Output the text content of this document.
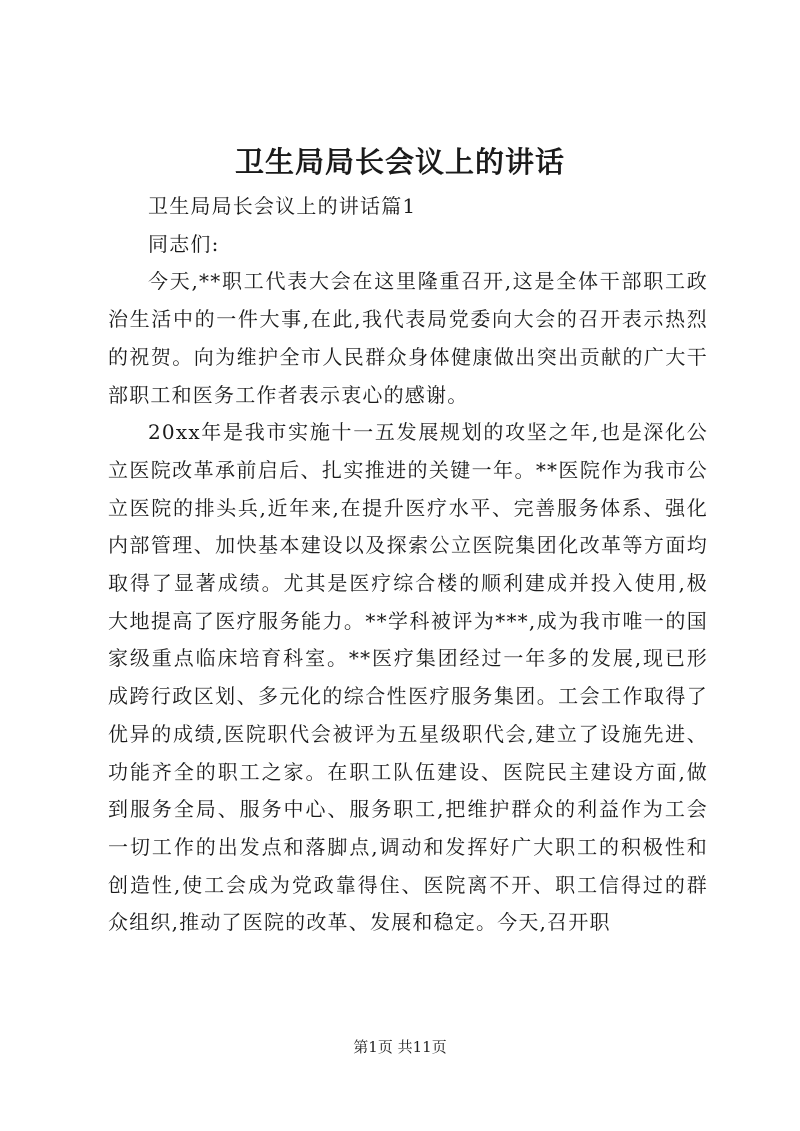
卫生局局长会议上的讲话

卫生局局长会议上的讲话篇1

同志们:

今天,**职工代表大会在这里隆重召开,这是全体干部职工政治生活中的一件大事,在此,我代表局党委向大会的召开表示热烈的祝贺。向为维护全市人民群众身体健康做出突出贡献的广大干部职工和医务工作者表示衷心的感谢。

20xx年是我市实施十一五发展规划的攻坚之年,也是深化公立医院改革承前启后、扎实推进的关键一年。**医院作为我市公立医院的排头兵,近年来,在提升医疗水平、完善服务体系、强化内部管理、加快基本建设以及探索公立医院集团化改革等方面均取得了显著成绩。尤其是医疗综合楼的顺利建成并投入使用,极大地提高了医疗服务能力。**学科被评为***,成为我市唯一的国家级重点临床培育科室。**医疗集团经过一年多的发展,现已形成跨行政区划、多元化的综合性医疗服务集团。工会工作取得了优异的成绩,医院职代会被评为五星级职代会,建立了设施先进、功能齐全的职工之家。在职工队伍建设、医院民主建设方面,做到服务全局、服务中心、服务职工,把维护群众的利益作为工会一切工作的出发点和落脚点,调动和发挥好广大职工的积极性和创造性,使工会成为党政靠得住、医院离不开、职工信得过的群众组织,推动了医院的改革、发展和稳定。今天,召开职

第1页 共11页
